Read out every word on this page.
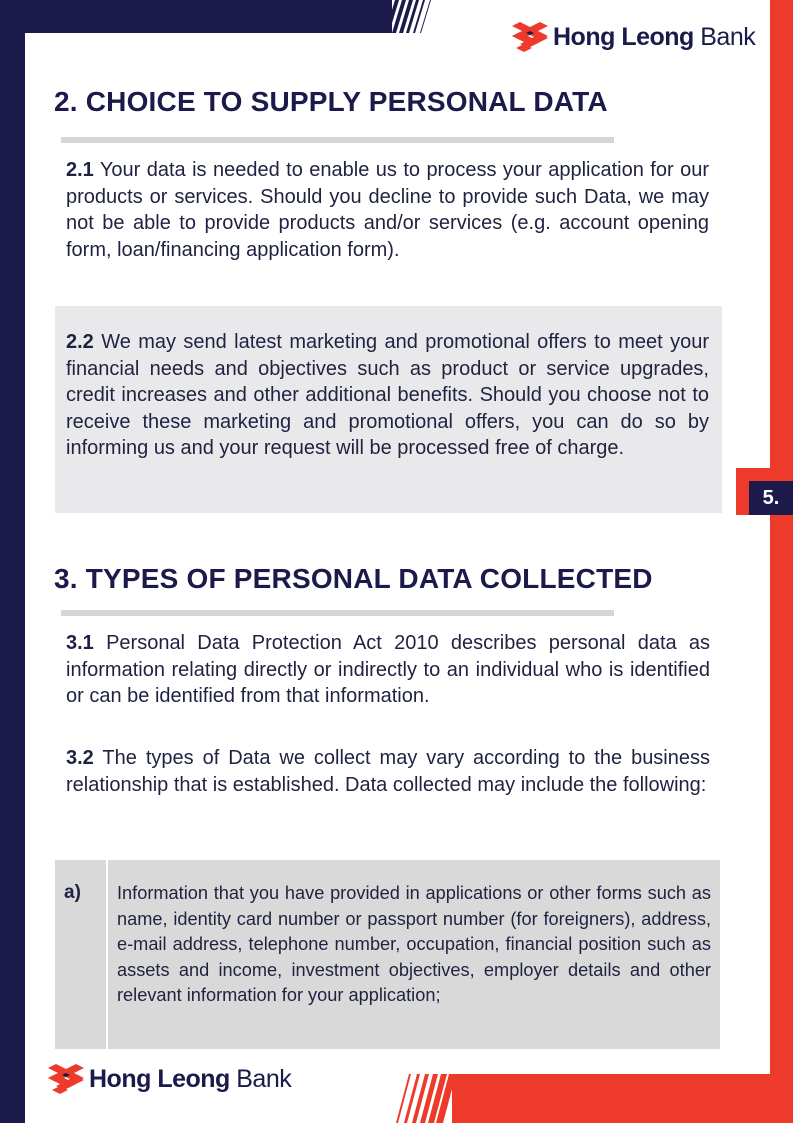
5.
Hong Leong Bank
2. CHOICE TO SUPPLY PERSONAL DATA

2.1 Your data is needed to enable us to process your application for our products or services. Should you decline to provide such Data, we may not be able to provide products and/or services (e.g. account opening form, loan/financing application form).

2.2 We may send latest marketing and promotional offers to meet your financial needs and objectives such as product or service upgrades, credit increases and other additional benefits. Should you choose not to receive these marketing and promotional offers, you can do so by informing us and your request will be processed free of charge.

3. TYPES OF PERSONAL DATA COLLECTED

3.1 Personal Data Protection Act 2010 describes personal data as information relating directly or indirectly to an individual who is identified or can be identified from that information.

3.2 The types of Data we collect may vary according to the business relationship that is established. Data collected may include the following:

a) Information that you have provided in applications or other forms such as name, identity card number or passport number (for foreigners), address, e-mail address, telephone number, occupation, financial position such as assets and income, investment objectives, employer details and other relevant information for your application;

Hong Leong Bank
